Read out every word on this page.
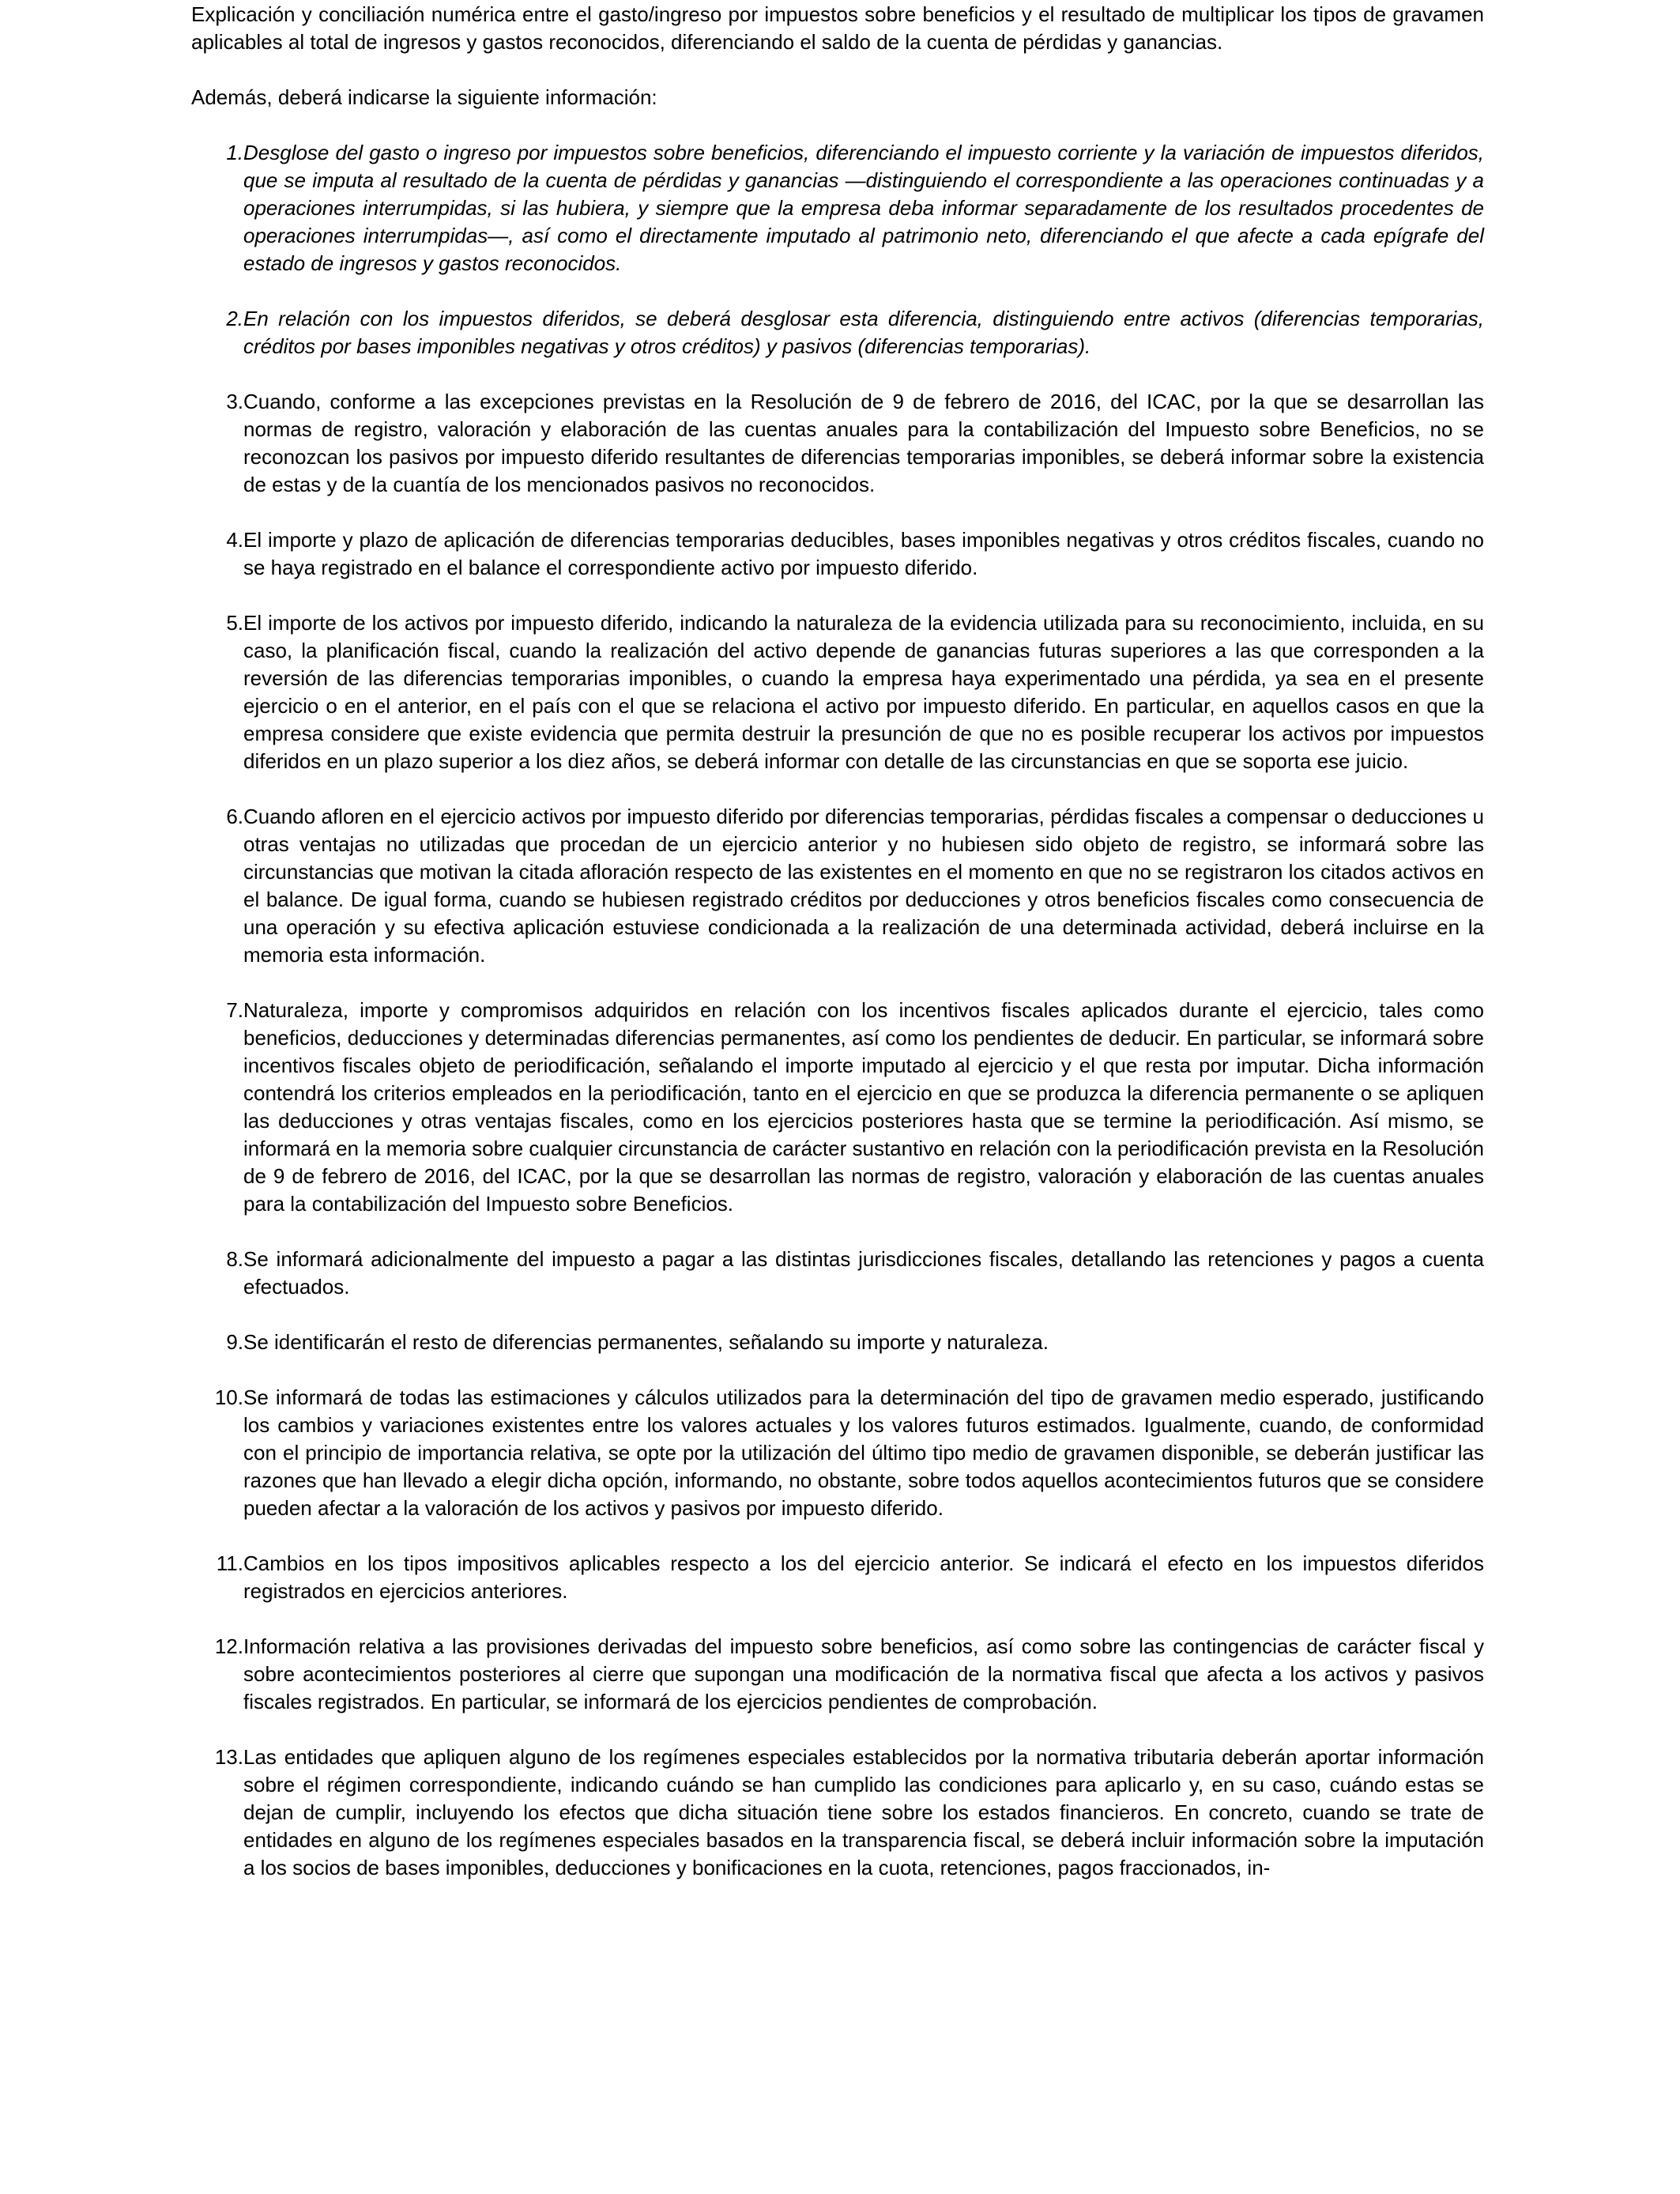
Explicación y conciliación numérica entre el gasto/ingreso por impuestos sobre beneficios y el resultado de multiplicar los tipos de gravamen aplicables al total de ingresos y gastos reconocidos, diferenciando el saldo de la cuenta de pérdidas y ganancias.

Además, deberá indicarse la siguiente información:

1. Desglose del gasto o ingreso por impuestos sobre beneficios, diferenciando el impuesto corriente y la variación de impuestos diferidos, que se imputa al resultado de la cuenta de pérdidas y ganancias —distinguiendo el correspondiente a las operaciones continuadas y a operaciones interrumpidas, si las hubiera, y siempre que la empresa deba informar separadamente de los resultados procedentes de operaciones interrumpidas—, así como el directamente imputado al patrimonio neto, diferenciando el que afecte a cada epígrafe del estado de ingresos y gastos reconocidos.
2. En relación con los impuestos diferidos, se deberá desglosar esta diferencia, distinguiendo entre activos (diferencias temporarias, créditos por bases imponibles negativas y otros créditos) y pasivos (diferencias temporarias).
3. Cuando, conforme a las excepciones previstas en la Resolución de 9 de febrero de 2016, del ICAC, por la que se desarrollan las normas de registro, valoración y elaboración de las cuentas anuales para la contabilización del Impuesto sobre Beneficios, no se reconozcan los pasivos por impuesto diferido resultantes de diferencias temporarias imponibles, se deberá informar sobre la existencia de estas y de la cuantía de los mencionados pasivos no reconocidos.
4. El importe y plazo de aplicación de diferencias temporarias deducibles, bases imponibles negativas y otros créditos fiscales, cuando no se haya registrado en el balance el correspondiente activo por impuesto diferido.
5. El importe de los activos por impuesto diferido, indicando la naturaleza de la evidencia utilizada para su reconocimiento, incluida, en su caso, la planificación fiscal, cuando la realización del activo depende de ganancias futuras superiores a las que corresponden a la reversión de las diferencias temporarias imponibles, o cuando la empresa haya experimentado una pérdida, ya sea en el presente ejercicio o en el anterior, en el país con el que se relaciona el activo por impuesto diferido. En particular, en aquellos casos en que la empresa considere que existe evidencia que permita destruir la presunción de que no es posible recuperar los activos por impuestos diferidos en un plazo superior a los diez años, se deberá informar con detalle de las circunstancias en que se soporta ese juicio.
6. Cuando afloren en el ejercicio activos por impuesto diferido por diferencias temporarias, pérdidas fiscales a compensar o deducciones u otras ventajas no utilizadas que procedan de un ejercicio anterior y no hubiesen sido objeto de registro, se informará sobre las circunstancias que motivan la citada afloración respecto de las existentes en el momento en que no se registraron los citados activos en el balance. De igual forma, cuando se hubiesen registrado créditos por deducciones y otros beneficios fiscales como consecuencia de una operación y su efectiva aplicación estuviese condicionada a la realización de una determinada actividad, deberá incluirse en la memoria esta información.
7. Naturaleza, importe y compromisos adquiridos en relación con los incentivos fiscales aplicados durante el ejercicio, tales como beneficios, deducciones y determinadas diferencias permanentes, así como los pendientes de deducir. En particular, se informará sobre incentivos fiscales objeto de periodificación, señalando el importe imputado al ejercicio y el que resta por imputar. Dicha información contendrá los criterios empleados en la periodificación, tanto en el ejercicio en que se produzca la diferencia permanente o se apliquen las deducciones y otras ventajas fiscales, como en los ejercicios posteriores hasta que se termine la periodificación. Así mismo, se informará en la memoria sobre cualquier circunstancia de carácter sustantivo en relación con la periodificación prevista en la Resolución de 9 de febrero de 2016, del ICAC, por la que se desarrollan las normas de registro, valoración y elaboración de las cuentas anuales para la contabilización del Impuesto sobre Beneficios.
8. Se informará adicionalmente del impuesto a pagar a las distintas jurisdicciones fiscales, detallando las retenciones y pagos a cuenta efectuados.
9. Se identificarán el resto de diferencias permanentes, señalando su importe y naturaleza.
10. Se informará de todas las estimaciones y cálculos utilizados para la determinación del tipo de gravamen medio esperado, justificando los cambios y variaciones existentes entre los valores actuales y los valores futuros estimados. Igualmente, cuando, de conformidad con el principio de importancia relativa, se opte por la utilización del último tipo medio de gravamen disponible, se deberán justificar las razones que han llevado a elegir dicha opción, informando, no obstante, sobre todos aquellos acontecimientos futuros que se considere pueden afectar a la valoración de los activos y pasivos por impuesto diferido.
11. Cambios en los tipos impositivos aplicables respecto a los del ejercicio anterior. Se indicará el efecto en los impuestos diferidos registrados en ejercicios anteriores.
12. Información relativa a las provisiones derivadas del impuesto sobre beneficios, así como sobre las contingencias de carácter fiscal y sobre acontecimientos posteriores al cierre que supongan una modificación de la normativa fiscal que afecta a los activos y pasivos fiscales registrados. En particular, se informará de los ejercicios pendientes de comprobación.
13. Las entidades que apliquen alguno de los regímenes especiales establecidos por la normativa tributaria deberán aportar información sobre el régimen correspondiente, indicando cuándo se han cumplido las condiciones para aplicarlo y, en su caso, cuándo estas se dejan de cumplir, incluyendo los efectos que dicha situación tiene sobre los estados financieros. En concreto, cuando se trate de entidades en alguno de los regímenes especiales basados en la transparencia fiscal, se deberá incluir información sobre la imputación a los socios de bases imponibles, deducciones y bonificaciones en la cuota, retenciones, pagos fraccionados, in-
